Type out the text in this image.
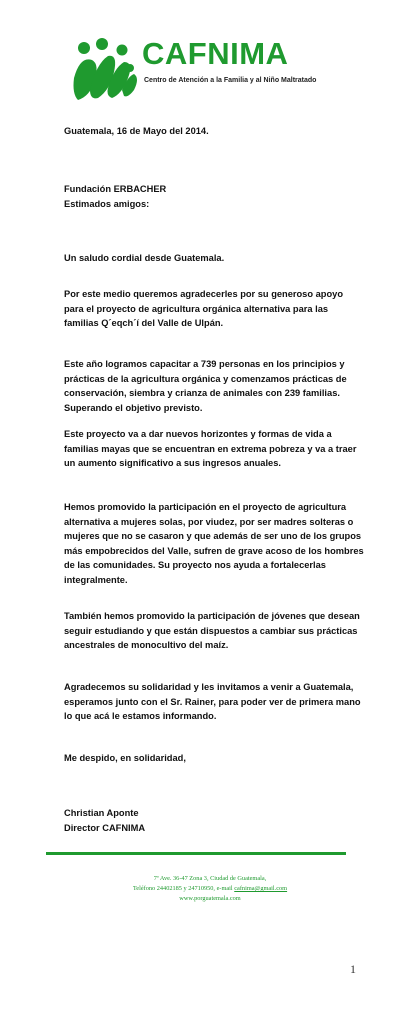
CAFNIMA
Centro de Atención a la Familia y al Niño Maltratado

Guatemala, 16 de Mayo del 2014.

Fundación ERBACHER

Estimados amigos:

Un saludo cordial desde Guatemala.

Por este medio queremos agradecerles por su generoso apoyo para el proyecto de agricultura orgánica alternativa para las familias Q´eqch´í del Valle de Ulpán.

Este año logramos capacitar a 739 personas en los principios y prácticas de la agricultura orgánica y comenzamos prácticas de conservación, siembra y crianza de animales con 239 familias. Superando el objetivo previsto.

Este proyecto va a dar nuevos horizontes y formas de vida a familias mayas que se encuentran en extrema pobreza y va a traer un aumento significativo a sus ingresos anuales.

Hemos promovido la participación en el proyecto de agricultura alternativa a mujeres solas, por viudez, por ser madres solteras o mujeres que no se casaron y que además de ser uno de los grupos más empobrecidos del Valle, sufren de grave acoso de los hombres de las comunidades. Su proyecto nos ayuda a fortalecerlas integralmente.

También hemos promovido la participación de jóvenes que desean seguir estudiando y que están dispuestos a cambiar sus prácticas ancestrales de monocultivo del maíz.

Agradecemos su solidaridad y les invitamos a venir a Guatemala, esperamos junto con el Sr. Rainer, para poder ver de primera mano lo que acá le estamos informando.

Me despido, en solidaridad,

Christian Aponte

Director CAFNIMA

7ª Ave. 36-47 Zona 3, Ciudad de Guatemala,
Teléfono 24402185 y 24710950, e-mail cafnima@gmail.com
www.porguatemala.com
1
